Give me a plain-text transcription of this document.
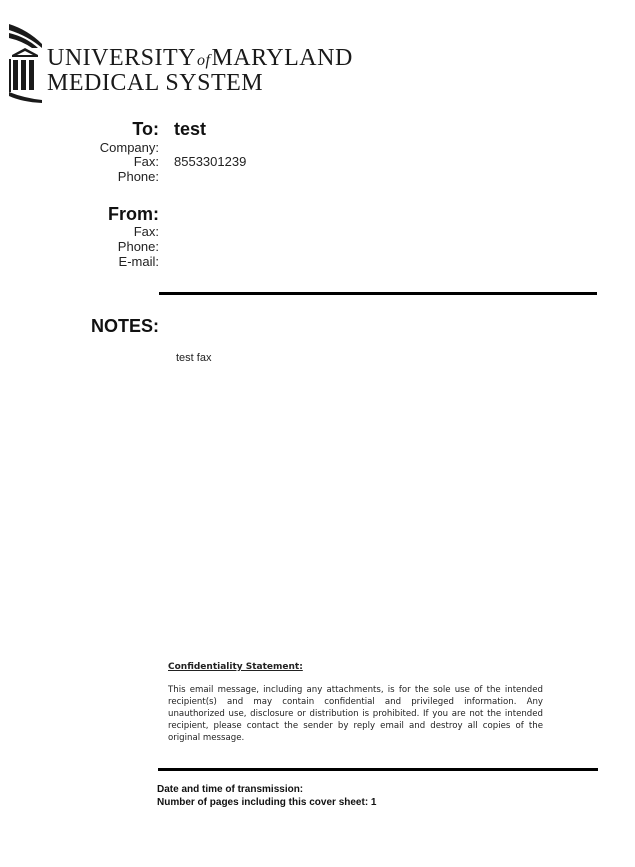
UNIVERSITYofMARYLAND
MEDICAL SYSTEM
To: test
Company:
Fax: 8553301239
Phone:
From:
Fax:
Phone:
E-mail:
NOTES:
test fax
Confidentiality Statement:
This email message, including any attachments, is for the sole use of the intended recipient(s) and may contain confidential and privileged information. Any unauthorized use, disclosure or distribution is prohibited. If you are not the intended recipient, please contact the sender by reply email and destroy all copies of the original message.
Date and time of transmission:
Number of pages including this cover sheet: 1
